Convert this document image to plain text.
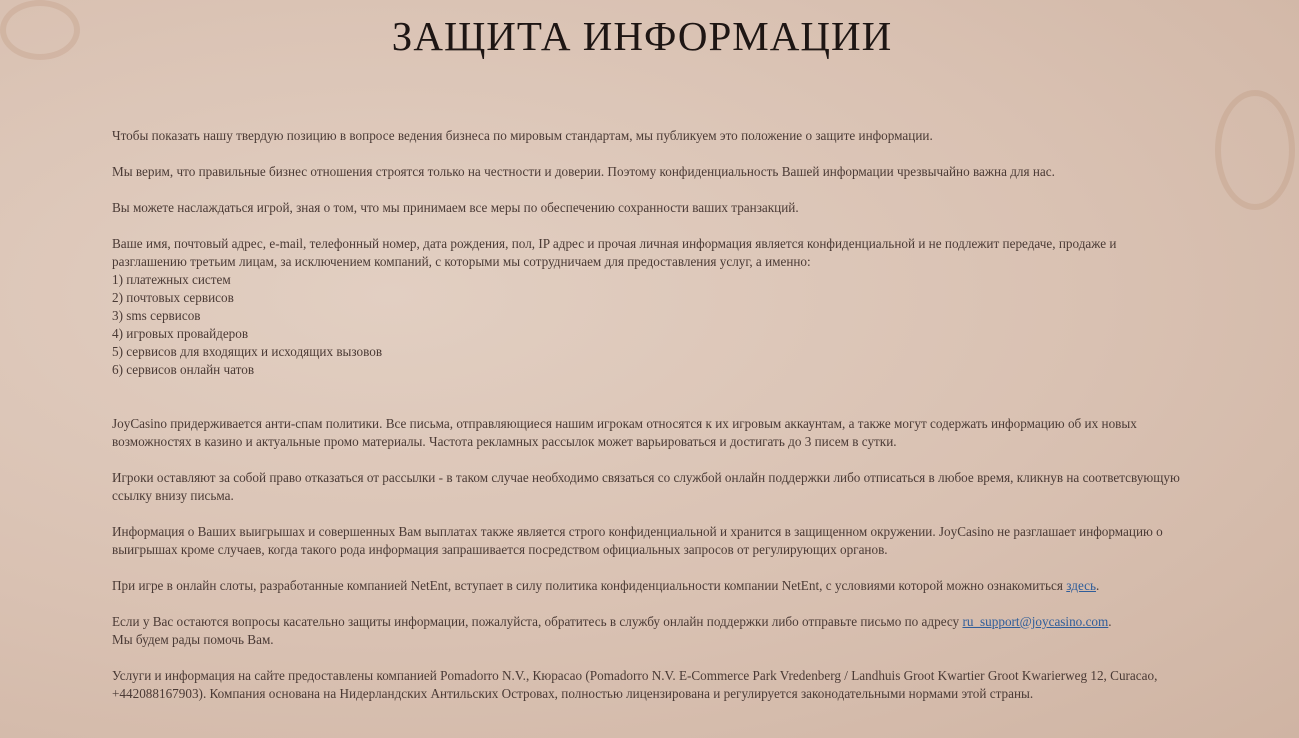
ЗАЩИТА ИНФОРМАЦИИ

Чтобы показать нашу твердую позицию в вопросе ведения бизнеса по мировым стандартам, мы публикуем это положение о защите информации.

Мы верим, что правильные бизнес отношения строятся только на честности и доверии. Поэтому конфиденциальность Вашей информации чрезвычайно важна для нас.

Вы можете наслаждаться игрой, зная о том, что мы принимаем все меры по обеспечению сохранности ваших транзакций.

Ваше имя, почтовый адрес, e-mail, телефонный номер, дата рождения, пол, IP адрес и прочая личная информация является конфиденциальной и не подлежит передаче, продаже и разглашению третьим лицам, за исключением компаний, с которыми мы сотрудничаем для предоставления услуг, а именно:
1) платежных систем
2) почтовых сервисов
3) sms сервисов
4) игровых провайдеров
5) сервисов для входящих и исходящих вызовов
6) сервисов онлайн чатов

JoyCasino придерживается анти-спам политики. Все письма, отправляющиеся нашим игрокам относятся к их игровым аккаунтам, а также могут содержать информацию об их новых возможностях в казино и актуальные промо материалы. Частота рекламных рассылок может варьироваться и достигать до 3 писем в сутки.

Игроки оставляют за собой право отказаться от рассылки - в таком случае необходимо связаться со службой онлайн поддержки либо отписаться в любое время, кликнув на соответсвующую ссылку внизу письма.

Информация о Ваших выигрышах и совершенных Вам выплатах также является строго конфиденциальной и хранится в защищенном окружении. JoyCasino не разглашает информацию о выигрышах кроме случаев, когда такого рода информация запрашивается посредством официальных запросов от регулирующих органов.

При игре в онлайн слоты, разработанные компанией NetEnt, вступает в силу политика конфиденциальности компании NetEnt, с условиями которой можно ознакомиться здесь.

Если у Вас остаются вопросы касательно защиты информации, пожалуйста, обратитесь в службу онлайн поддержки либо отправьте письмо по адресу ru_support@joycasino.com.
Мы будем рады помочь Вам.

Услуги и информация на сайте предоставлены компанией Pomadorro N.V., Кюрасао (Pomadorro N.V. E-Commerce Park Vredenberg / Landhuis Groot Kwartier Groot Kwarierweg 12, Curacao, +442088167903). Компания основана на Нидерландских Антильских Островах, полностью лицензирована и регулируется законодательными нормами этой страны.
